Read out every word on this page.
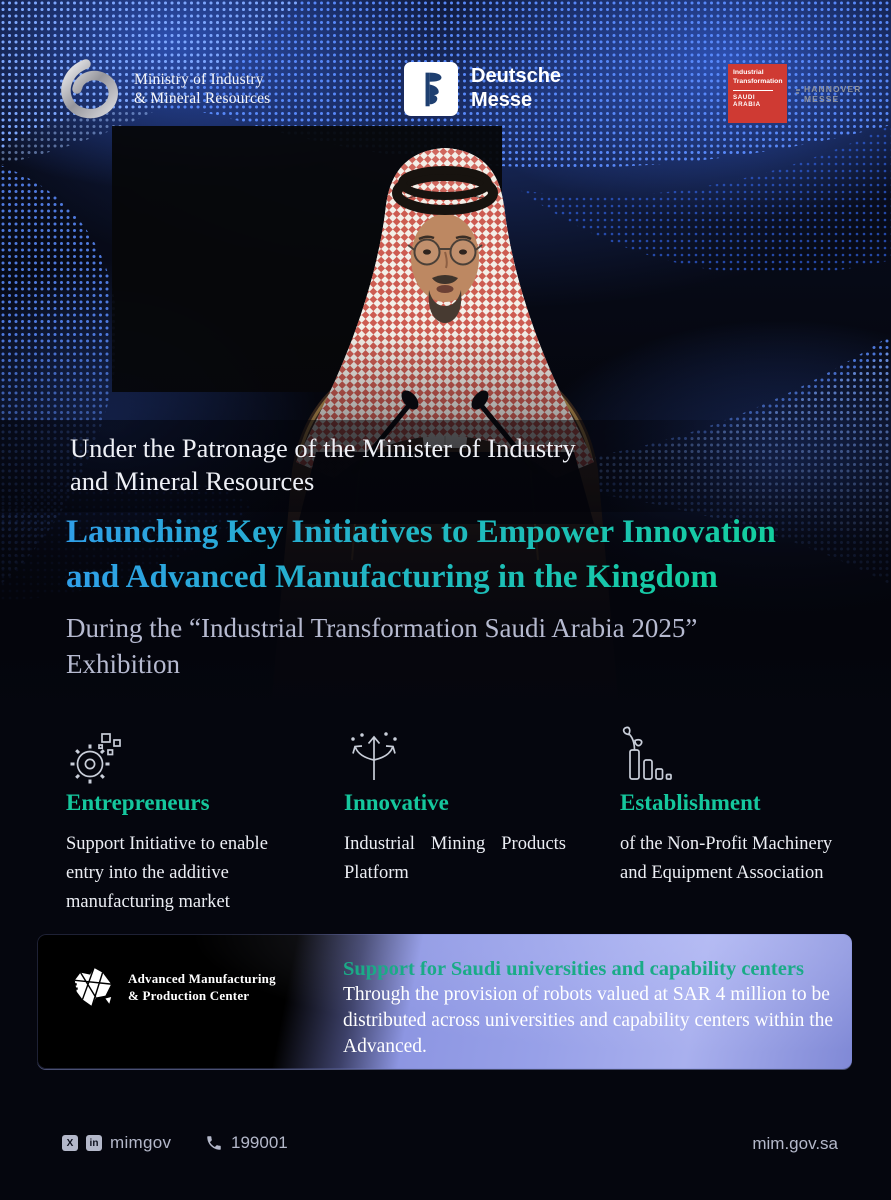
Ministry of Industry
& Mineral Resources
Deutsche
Messe
Industrial
Transformation
SAUDI ARABIA
HANNOVER
MESSE
Under the Patronage of the Minister of Industry
and Mineral Resources
Launching Key Initiatives to Empower Innovation
and Advanced Manufacturing in the Kingdom
During the “Industrial Transformation Saudi Arabia 2025”
Exhibition
Entrepreneurs
Support Initiative to enable entry into the additive manufacturing market
Innovative
Industrial Mining Products Platform
Establishment
of the Non-Profit Machinery and Equipment Association
Advanced Manufacturing
& Production Center
Support for Saudi universities and capability centers
Through the provision of robots valued at SAR 4 million to be distributed across universities and capability centers within the Advanced.
X in mimgov	199001	mim.gov.sa
